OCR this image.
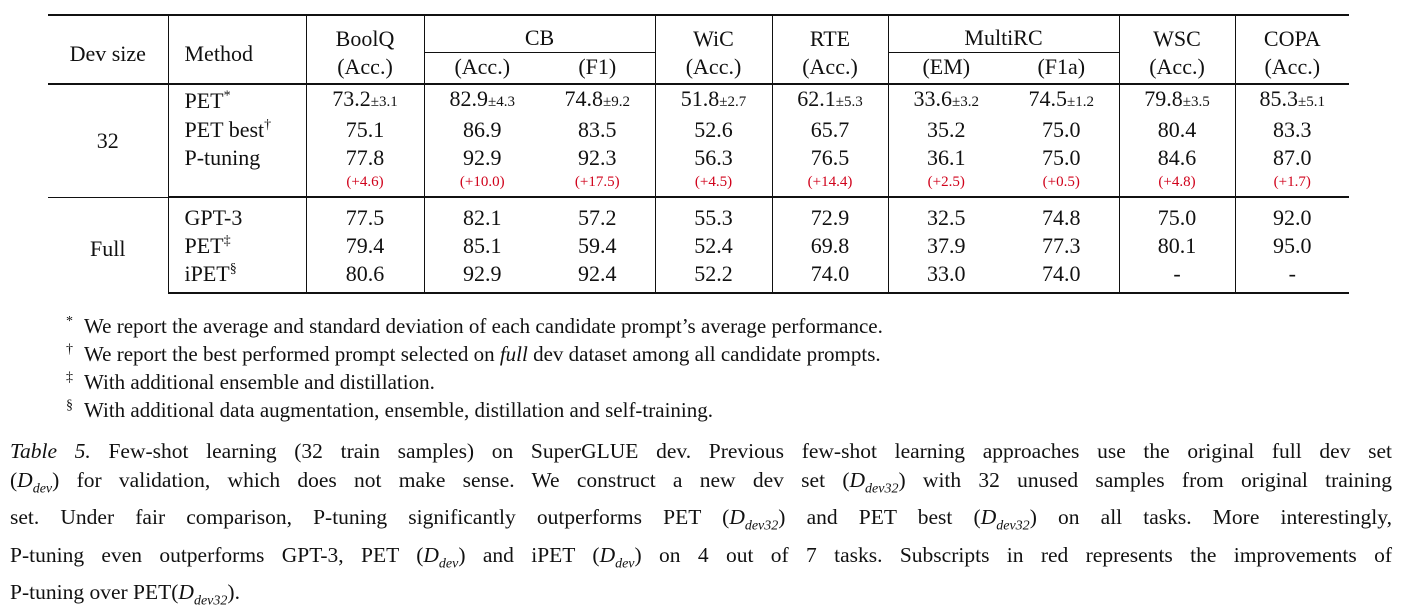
Dev size	Method	BoolQ	CB		WiC	RTE	MultiRC		WSC	COPA
		(Acc.)	(Acc.)	(F1)	(Acc.)	(Acc.)	(EM)	(F1a)	(Acc.)	(Acc.)
32	PET*	73.2±3.1	82.9±4.3	74.8±9.2	51.8±2.7	62.1±5.3	33.6±3.2	74.5±1.2	79.8±3.5	85.3±5.1
	PET best†	75.1	86.9	83.5	52.6	65.7	35.2	75.0	80.4	83.3
	P-tuning	77.8	92.9	92.3	56.3	76.5	36.1	75.0	84.6	87.0
		(+4.6)	(+10.0)	(+17.5)	(+4.5)	(+14.4)	(+2.5)	(+0.5)	(+4.8)	(+1.7)

Full	GPT-3	77.5	82.1	57.2	55.3	72.9	32.5	74.8	75.0	92.0
	PET‡	79.4	85.1	59.4	52.4	69.8	37.9	77.3	80.1	95.0
	iPET§	80.6	92.9	92.4	52.2	74.0	33.0	74.0	-	-
* We report the average and standard deviation of each candidate prompt’s average performance.
† We report the best performed prompt selected on full dev dataset among all candidate prompts.
‡ With additional ensemble and distillation.
§ With additional data augmentation, ensemble, distillation and self-training.
Table 5. Few-shot learning (32 train samples) on SuperGLUE dev. Previous few-shot learning approaches use the original full dev set
$(D_{dev})$ for validation, which does not make sense. We construct a new dev set $(D_{dev32})$ with 32 unused samples from original training
set. Under fair comparison, P-tuning significantly outperforms PET $(D_{dev32})$ and PET best $(D_{dev32})$ on all tasks. More interestingly,
P-tuning even outperforms GPT-3, PET $(D_{dev})$ and iPET $(D_{dev})$ on 4 out of 7 tasks. Subscripts in red represents the improvements of
P-tuning over $PET(D_{dev32})$.
